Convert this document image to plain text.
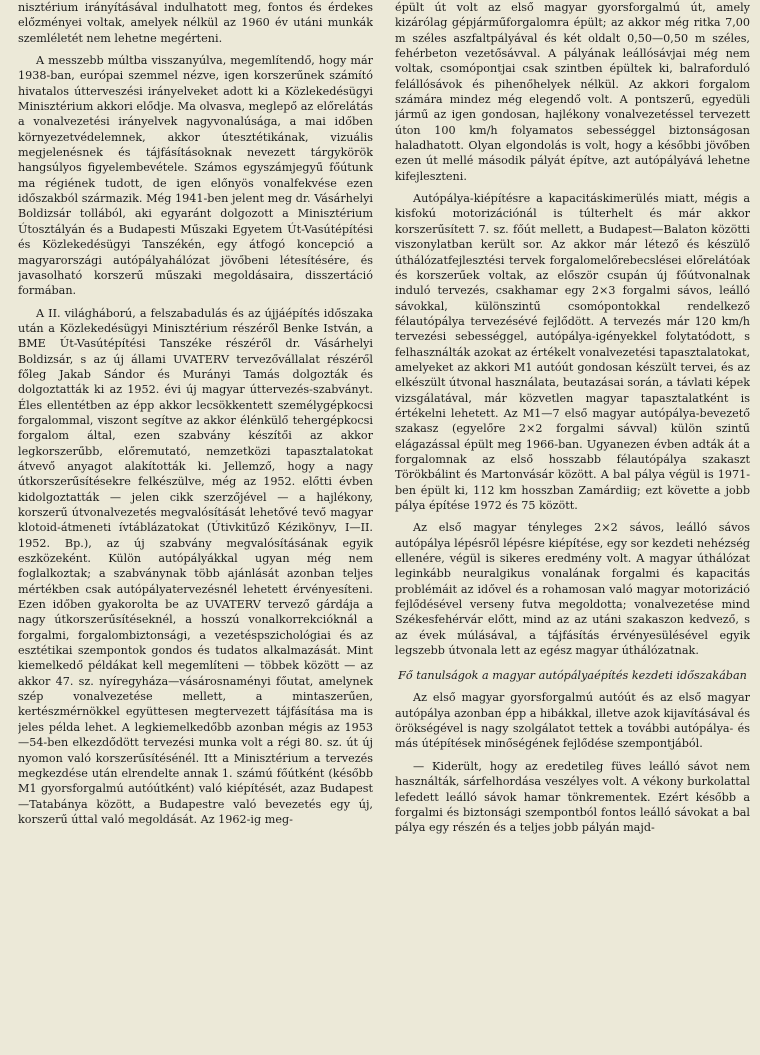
nisztérium irányításával indulhatott meg, fontos és érdekes előzményei voltak, amelyek nélkül az 1960 év utáni munkák szemléletét nem lehetne megérteni.

A messzebb múltba visszanyúlva, megemlítendő, hogy már 1938-ban, európai szemmel nézve, igen korszerűnek számító hivatalos útterveszési irányelveket adott ki a Közlekedésügyi Minisztérium akkori elődje. Ma olvasva, meglepő az előrelátás a vonalvezetési irányelvek nagyvonalúsága, a mai időben környezetvédelemnek, akkor útesztétikának, vizuális megjelenésnek és tájfásításoknak nevezett tárgykörök hangsúlyos figyelembevétele. Számos egyszámjegyű főútunk ma régiének tudott, de igen előnyös vonalfekvése ezen időszakból származik. Még 1941-ben jelent meg dr. Vásárhelyi Boldizsár tollából, aki egyaránt dolgozott a Minisztérium Útosztályán és a Budapesti Műszaki Egyetem Út-Vasútépítési és Közlekedésügyi Tanszékén, egy átfogó koncepció a magyarországi autópályahálózat jövőbeni létesítésére, és javasolható korszerű műszaki megoldásaira, disszertáció formában.

A II. világháború, a felszabadulás és az újjáépítés időszaka után a Közlekedésügyi Minisztérium részéről Benke István, a BME Út-Vasútépítési Tanszéke részéről dr. Vásárhelyi Boldizsár, s az új állami UVATERV tervezővállalat részéről főleg Jakab Sándor és Murányi Tamás dolgozták és dolgoztatták ki az 1952. évi új magyar úttervezés-szabványt. Éles ellentétben az épp akkor lecsökkentett személygépkocsi forgalommal, viszont segítve az akkor élénkülő tehergépkocsi forgalom által, ezen szabvány készítői az akkor legkorszerűbb, előremutató, nemzetközi tapasztalatokat átvevő anyagot alakították ki. Jellemző, hogy a nagy útkorszerűsítésekre felkészülve, még az 1952. előtti évben kidolgoztatták — jelen cikk szerzőjével — a hajlékony, korszerű útvonalvezetés megvalósítását lehetővé tevő magyar klotoid-átmeneti ívtáblázatokat (Útivkitűző Kézikönyv, I—II. 1952. Bp.), az új szabvány megvalósításának egyik eszközeként. Külön autópályákkal ugyan még nem foglalkoztak; a szabványnak több ajánlását azonban teljes mértékben csak autópályatervezésnél lehetett érvényesíteni. Ezen időben gyakorolta be az UVATERV tervező gárdája a nagy útkorszerűsítéseknél, a hosszú vonalkorrekcióknál a forgalmi, forgalombiztonsági, a vezetéspszichológiai és az esztétikai szempontok gondos és tudatos alkalmazását. Mint kiemelkedő példákat kell megemlíteni — többek között — az akkor 47. sz. nyíregyháza—vásárosnaményi főutat, amelynek szép vonalvezetése mellett, a mintaszerűen, kertészmérnökkel együttesen megtervezett tájfásítása ma is jeles példa lehet. A legkiemelkedőbb azonban mégis az 1953—54-ben elkezdődött tervezési munka volt a régi 80. sz. út új nyomon való korszerűsítésénél. Itt a Minisztérium a tervezés megkezdése után elrendelte annak 1. számú főútként (később M1 gyorsforgalmú autóútként) való kiépítését, azaz Budapest—Tatabánya között, a Budapestre való bevezetés egy új, korszerű úttal való megoldását. Az 1962-ig meg-

épült út volt az első magyar gyorsforgalmú út, amely kizárólag gépjárműforgalomra épült; az akkor még ritka 7,00 m széles aszfaltpályával és két oldalt 0,50—0,50 m széles, fehérbeton vezetősávval. A pályának leállósávjai még nem voltak, csomópontjai csak szintben épültek ki, balraforduló felállósávok és pihenőhelyek nélkül. Az akkori forgalom számára mindez még elegendő volt. A pontszerű, egyedüli jármű az igen gondosan, hajlékony vonalvezetéssel tervezett úton 100 km/h folyamatos sebességgel biztonságosan haladhatott. Olyan elgondolás is volt, hogy a későbbi jövőben ezen út mellé második pályát építve, azt autópályává lehetne kifejleszteni.

Autópálya-kiépítésre a kapacitáskimerülés miatt, mégis a kisfokú motorizációnál is túlterhelt és már akkor korszerűsített 7. sz. főút mellett, a Budapest—Balaton közötti viszonylatban került sor. Az akkor már létező és készülő úthálózatfejlesztési tervek forgalomelőrebecslései előrelátóak és korszerűek voltak, az először csupán új főútvonalnak induló tervezés, csakhamar egy 2×3 forgalmi sávos, leálló sávokkal, különszintű csomópontokkal rendelkező félautópálya tervezésévé fejlődött. A tervezés már 120 km/h tervezési sebességgel, autópálya-igényekkel folytatódott, s felhasználták azokat az értékelt vonalvezetési tapasztalatokat, amelyeket az akkori M1 autóút gondosan készült tervei, és az elkészült útvonal használata, beutazásai során, a távlati képek vizsgálatával, már közvetlen magyar tapasztalatként is értékelni lehetett. Az M1—7 első magyar autópálya-bevezető szakasz (egyelőre 2×2 forgalmi sávval) külön szintű elágazással épült meg 1966-ban. Ugyanezen évben adták át a forgalomnak az első hosszabb félautópálya szakaszt Törökbálint és Martonvásár között. A bal pálya végül is 1971-ben épült ki, 112 km hosszban Zamárdiig; ezt követte a jobb pálya építése 1972 és 75 között.

Az első magyar tényleges 2×2 sávos, leálló sávos autópálya lépésről lépésre kiépítése, egy sor kezdeti nehézség ellenére, végül is sikeres eredmény volt. A magyar úthálózat leginkább neuralgikus vonalának forgalmi és kapacitás problémáit az idővel és a rohamosan való magyar motorizáció fejlődésével verseny futva megoldotta; vonalvezetése mind Székesfehérvár előtt, mind az az utáni szakaszon kedvező, s az évek múlásával, a tájfásítás érvényesülésével egyik legszebb útvonala lett az egész magyar úthálózatnak.

Fő tanulságok a magyar autópályaépítés kezdeti időszakában

Az első magyar gyorsforgalmú autóút és az első magyar autópálya azonban épp a hibákkal, illetve azok kijavításával és örökségével is nagy szolgálatot tettek a további autópálya- és más útépítések minőségének fejlődése szempontjából.

— Kiderült, hogy az eredetileg füves leálló sávot nem használták, sárfelhordása veszélyes volt. A vékony burkolattal lefedett leálló sávok hamar tönkrementek. Ezért később a forgalmi és biztonsági szempontból fontos leálló sávokat a bal pálya egy részén és a teljes jobb pályán majd-
